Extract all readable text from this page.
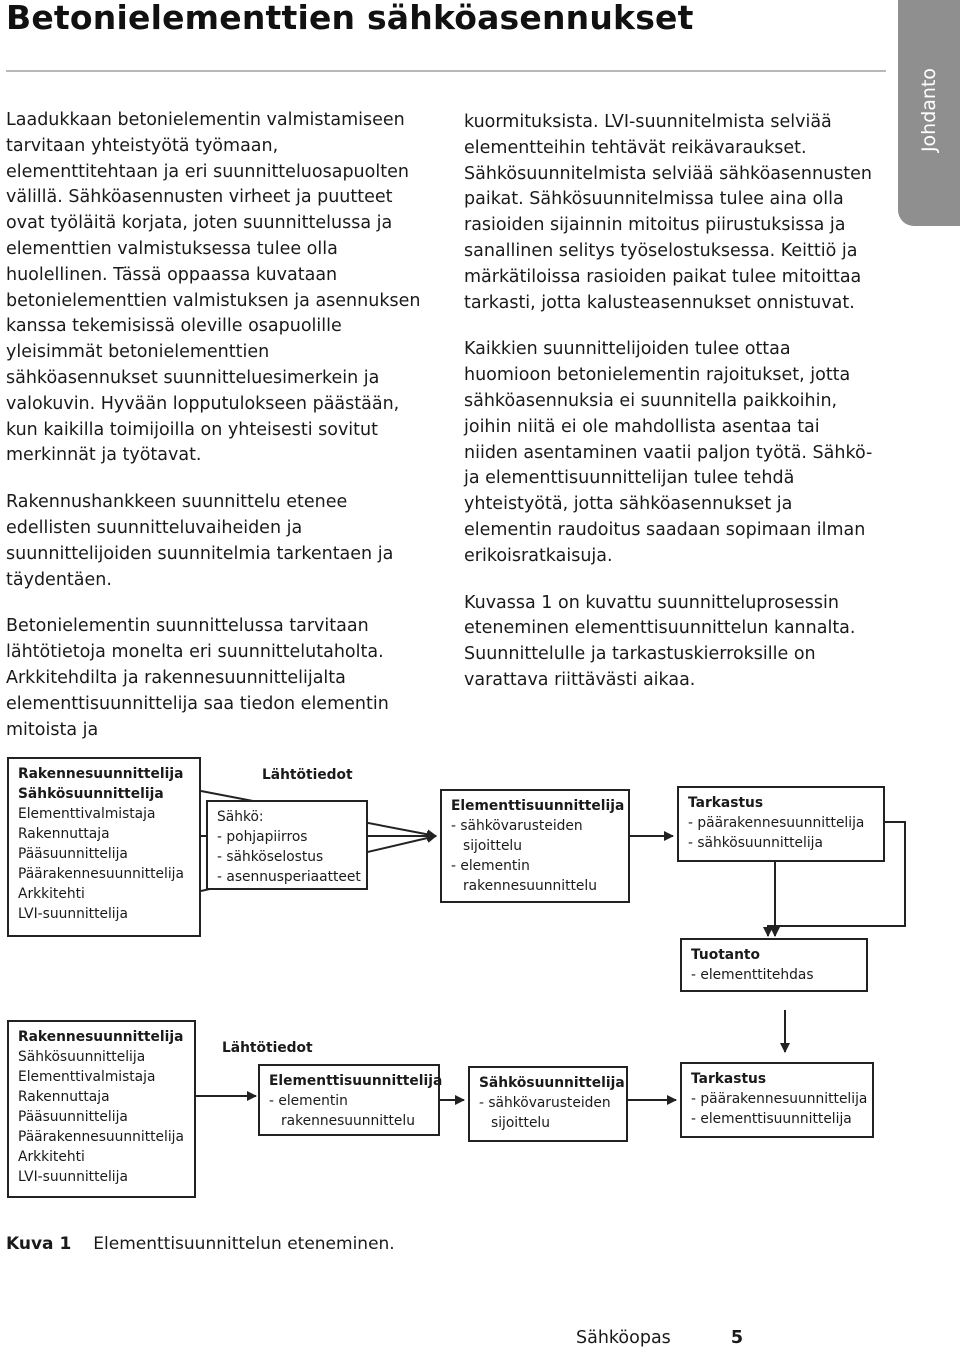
Betonielementtien sähköasennukset
Johdanto

Laadukkaan betonielementin valmistamiseen tarvitaan yhteistyötä työmaan, elementtitehtaan ja eri suunnitteluosapuolten välillä. Sähköasennusten virheet ja puutteet ovat työläitä korjata, joten suunnittelussa ja elementtien valmistuksessa tulee olla huolellinen. Tässä oppaassa kuvataan betonielementtien valmistuksen ja asennuksen kanssa tekemisissä oleville osapuolille yleisimmät betonielementtien sähköasennukset suunnitteluesimerkein ja valokuvin. Hyvään lopputulokseen päästään, kun kaikilla toimijoilla on yhteisesti sovitut merkinnät ja työtavat.

Rakennushankkeen suunnittelu etenee edellisten suunnitteluvaiheiden ja suunnittelijoiden suunnitelmia tarkentaen ja täydentäen.

Betonielementin suunnittelussa tarvitaan lähtötietoja monelta eri suunnittelutaholta. Arkkitehdilta ja rakennesuunnittelijalta elementtisuunnittelija saa tiedon elementin mitoista ja

kuormituksista. LVI-suunnitelmista selviää elementteihin tehtävät reikävaraukset. Sähkösuunnitelmista selviää sähköasennusten paikat. Sähkösuunnitelmissa tulee aina olla rasioiden sijainnin mitoitus piirustuksissa ja sanallinen selitys työselostuksessa. Keittiö ja märkätiloissa rasioiden paikat tulee mitoittaa tarkasti, jotta kalusteasennukset onnistuvat.

Kaikkien suunnittelijoiden tulee ottaa huomioon betonielementin rajoitukset, jotta sähköasennuksia ei suunnitella paikkoihin, joihin niitä ei ole mahdollista asentaa tai niiden asentaminen vaatii paljon työtä. Sähkö- ja elementtisuunnittelijan tulee tehdä yhteistyötä, jotta sähköasennukset ja elementin raudoitus saadaan sopimaan ilman erikoisratkaisuja.

Kuvassa 1 on kuvattu suunnitteluprosessin eteneminen elementtisuunnittelun kannalta. Suunnittelulle ja tarkastuskierroksille on varattava riittävästi aikaa.

Rakennesuunnittelija
Sähkösuunnittelija
Elementtivalmistaja
Rakennuttaja
Pääsuunnittelija
Päärakennesuunnittelija
Arkkitehti
LVI-suunnittelija
Lähtötiedot
Sähkö:
- pohjapiirros
- sähköselostus
- asennusperiaatteet
Elementtisuunnittelija
- sähkövarusteiden
sijoittelu
- elementin
rakennesuunnittelu
Tarkastus
- päärakennesuunnittelija
- sähkösuunnittelija
Tuotanto
- elementtitehdas
Rakennesuunnittelija
Sähkösuunnittelija
Elementtivalmistaja
Rakennuttaja
Pääsuunnittelija
Päärakennesuunnittelija
Arkkitehti
LVI-suunnittelija
Lähtötiedot
Elementtisuunnittelija
- elementin
rakennesuunnittelu
Sähkösuunnittelija
- sähkövarusteiden
sijoittelu
Tarkastus
- päärakennesuunnittelija
- elementtisuunnittelija
Kuva 1 Elementtisuunnittelun eteneminen.
Sähköopas	5
